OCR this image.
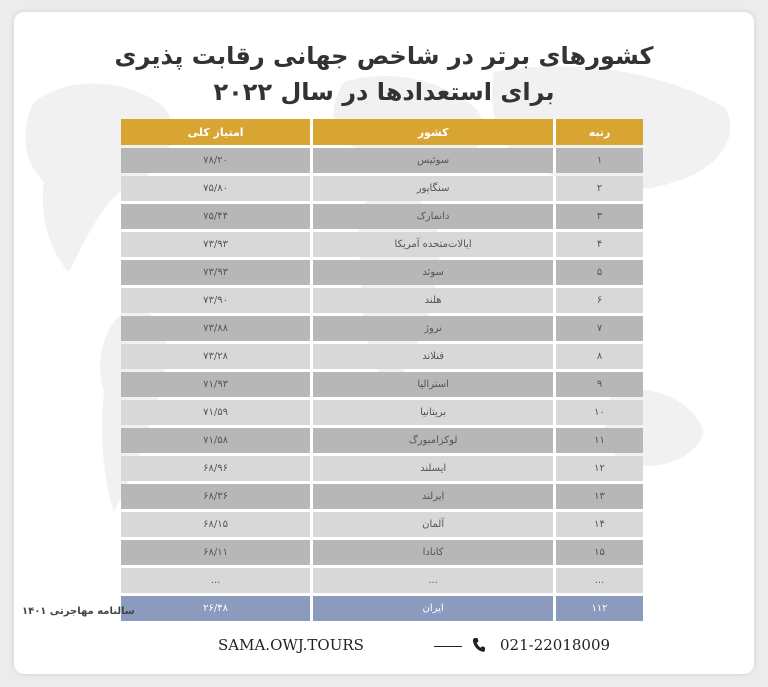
کشورهای برتر در شاخص جهانی رقابت پذیری
برای استعدادها در سال ۲۰۲۲
رتبه	کشور	امتیاز کلی
۱	سوئیس	۷۸/۲۰
۲	سنگاپور	۷۵/۸۰
۳	دانمارک	۷۵/۴۴
۴	ایالات‌متحده آمریکا	۷۳/۹۳
۵	سوئد	۷۳/۹۳
۶	هلند	۷۳/۹۰
۷	نروژ	۷۳/۸۸
۸	فنلاند	۷۳/۲۸
۹	استرالیا	۷۱/۹۳
۱۰	بریتانیا	۷۱/۵۹
۱۱	لوکزامبورگ	۷۱/۵۸
۱۲	ایسلند	۶۸/۹۶
۱۳	ایرلند	۶۸/۳۶
۱۴	آلمان	۶۸/۱۵
۱۵	کانادا	۶۸/۱۱
...	...	...
۱۱۲	ایران	۲۶/۴۸
سالنامه مهاجرتی ۱۴۰۱
SAMA.OWJ.TOURS	021-22018009
